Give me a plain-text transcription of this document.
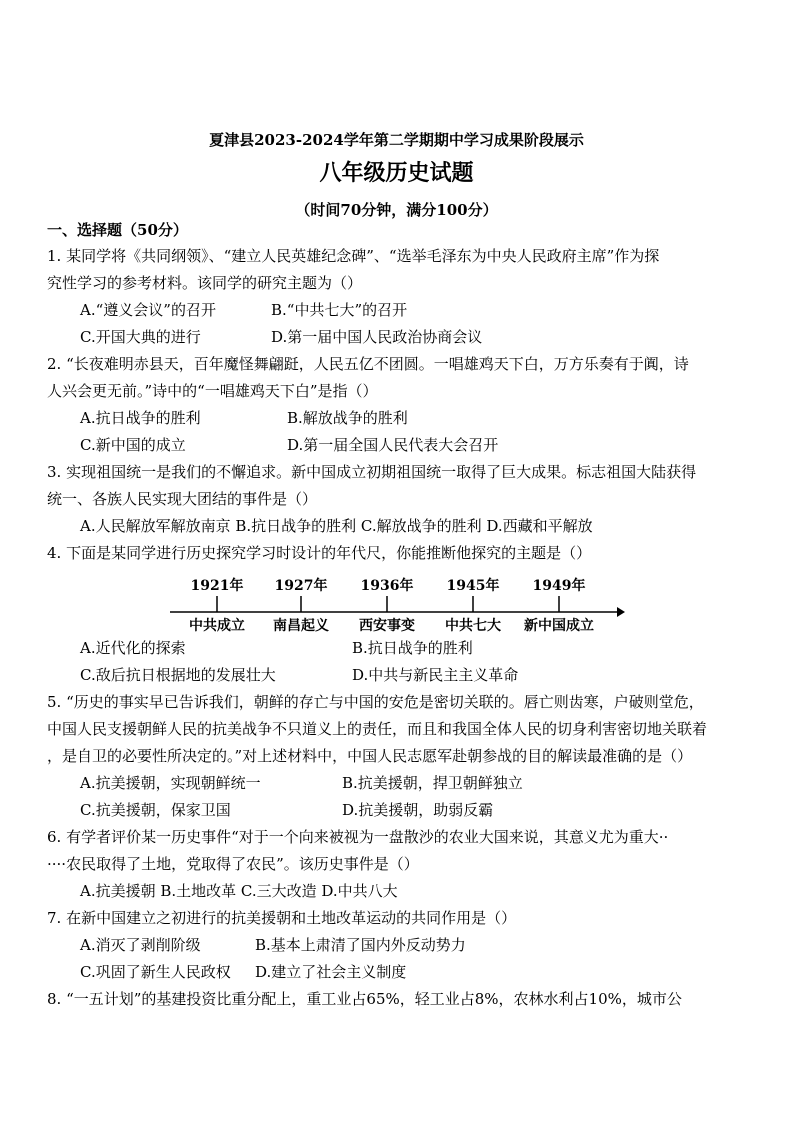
夏津县2023-2024学年第二学期期中学习成果阶段展示
八年级历史试题
（时间70分钟，满分100分）
一、选择题（50分）
1. 某同学将《共同纲领》、“建立人民英雄纪念碑”、“选举毛泽东为中央人民政府主席”作为探
究性学习的参考材料。该同学的研究主题为（）
A.“遵义会议”的召开	B.“中共七大”的召开
C.开国大典的进行	D.第一届中国人民政治协商会议
2. “长夜难明赤县天，百年魔怪舞翩跹，人民五亿不团圆。一唱雄鸡天下白，万方乐奏有于阗，诗
人兴会更无前。”诗中的“一唱雄鸡天下白”是指（）
A.抗日战争的胜利	B.解放战争的胜利
C.新中国的成立	D.第一届全国人民代表大会召开
3. 实现祖国统一是我们的不懈追求。新中国成立初期祖国统一取得了巨大成果。标志祖国大陆获得
统一、各族人民实现大团结的事件是（）
A.人民解放军解放南京 B.抗日战争的胜利 C.解放战争的胜利 D.西藏和平解放
4. 下面是某同学进行历史探究学习时设计的年代尺，你能推断他探究的主题是（）
1921年
中共成立
1927年
南昌起义
1936年
西安事变
1945年
中共七大
1949年
新中国成立
A.近代化的探索	B.抗日战争的胜利
C.敌后抗日根据地的发展壮大	D.中共与新民主主义革命
5. “历史的事实早已告诉我们，朝鲜的存亡与中国的安危是密切关联的。唇亡则齿寒，户破则堂危，
中国人民支援朝鲜人民的抗美战争不只道义上的责任，而且和我国全体人民的切身利害密切地关联着
，是自卫的必要性所决定的。”对上述材料中，中国人民志愿军赴朝参战的目的解读最准确的是（）
A.抗美援朝，实现朝鲜统一	B.抗美援朝，捍卫朝鲜独立
C.抗美援朝，保家卫国	D.抗美援朝，助弱反霸
6. 有学者评价某一历史事件“对于一个向来被视为一盘散沙的农业大国来说，其意义尤为重大··
····农民取得了土地，党取得了农民”。该历史事件是（）
A.抗美援朝 B.土地改革 C.三大改造 D.中共八大
7. 在新中国建立之初进行的抗美援朝和土地改革运动的共同作用是（）
A.消灭了剥削阶级	B.基本上肃清了国内外反动势力
C.巩固了新生人民政权 D.建立了社会主义制度
8. “一五计划”的基建投资比重分配上，重工业占65%，轻工业占8%，农林水利占10%，城市公
